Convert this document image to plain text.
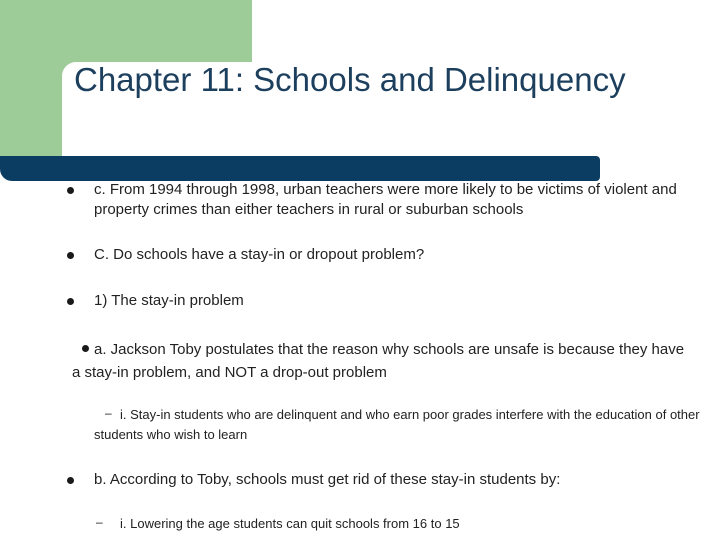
Chapter 11: Schools and Delinquency
c. From 1994 through 1998, urban teachers were more likely to be victims of violent and property crimes than either teachers in rural or suburban schools
C. Do schools have a stay-in or dropout problem?
1) The stay-in problem
a. Jackson Toby postulates that the reason why schools are unsafe is because they have a stay-in problem, and NOT a drop-out problem
– i. Stay-in students who are delinquent and who earn poor grades interfere with the education of other students who wish to learn
b. According to Toby, schools must get rid of these stay-in students by:
– i. Lowering the age students can quit schools from 16 to 15
